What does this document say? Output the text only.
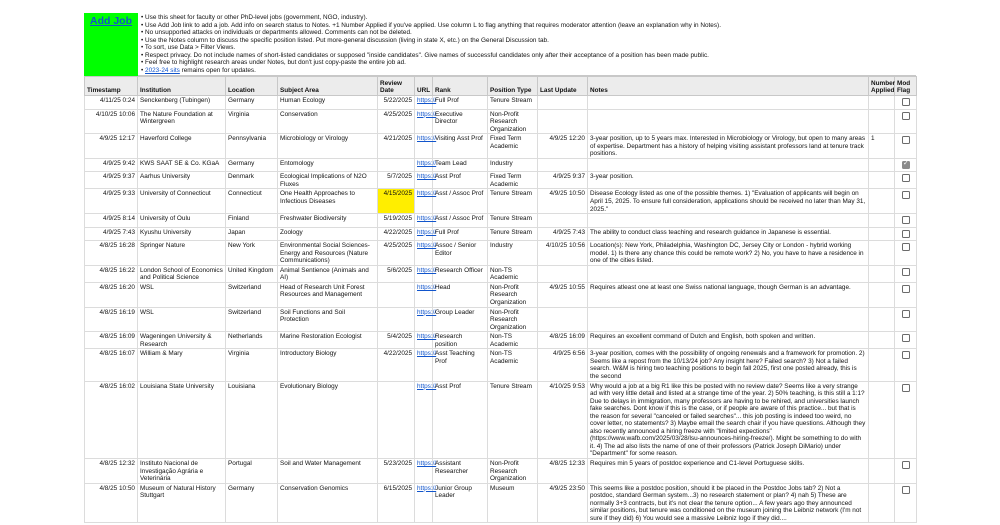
Add Job	• Use this sheet for faculty or other PhD-level jobs (government, NGO, industry).
• Use Add Job link to add a job. Add info on search status to Notes. +1 Number Applied if you've applied. Use column L to flag anything that requires moderator attention (leave an explanation why in Notes).
• No unsupported attacks on individuals or departments allowed. Comments can not be deleted.
• Use the Notes column to discuss the specific position listed. Put more-general discussion (living in state X, etc.) on the General Discussion tab.
• To sort, use Data > Filter Views.
• Respect privacy. Do not include names of short-listed candidates or supposed "inside candidates". Give names of successful candidates only after their acceptance of a position has been made public.
• Feel free to highlight research areas under Notes, but don't just copy-paste the entire job ad.
• 2023-24 sits remains open for updates.
Timestamp	Institution	Location	Subject Area	Review Date	URL	Rank	Position Type	Last Update	Notes	Number Applied	Mod Flag
4/11/25 0:24	Senckenberg (Tubingen)	Germany	Human Ecology	5/22/2025	https://	Full Prof	Tenure Stream				
4/10/25 10:06	The Nature Foundation at Wintergreen	Virginia	Conservation	4/25/2025	https://	Executive Director	Non-Profit Research Organization				
4/9/25 12:17	Haverford College	Pennsylvania	Microbiology or Virology	4/21/2025	https://	Visiting Asst Prof	Fixed Term Academic	4/9/25 12:20	3-year position, up to 5 years max. Interested in Microbiology or Virology, but open to many areas of expertise. Department has a history of helping visiting assistant professors land at tenure track positions.	1	
4/9/25 9:42	KWS SAAT SE & Co. KGaA	Germany	Entomology		https://	Team Lead	Industry				✓
4/9/25 9:37	Aarhus University	Denmark	Ecological Implications of N2O Fluxes	5/7/2025	https://	Asst Prof	Fixed Term Academic	4/9/25 9:37	3-year position.		
4/9/25 9:33	University of Connecticut	Connecticut	One Health Approaches to Infectious Diseases	4/15/2025	https://	Asst / Assoc Prof	Tenure Stream	4/9/25 10:50	Disease Ecology listed as one of the possible themes. 1) "Evaluation of applicants will begin on April 15, 2025. To ensure full consideration, applications should be received no later than May 31, 2025."		
4/9/25 8:14	University of Oulu	Finland	Freshwater Biodiversity	5/19/2025	https://	Asst / Assoc Prof	Tenure Stream				
4/9/25 7:43	Kyushu University	Japan	Zoology	4/22/2025	https://	Full Prof	Tenure Stream	4/9/25 7:43	The ability to conduct class teaching and research guidance in Japanese is essential.		
4/8/25 16:28	Springer Nature	New York	Environmental Social Sciences-Energy and Resources (Nature Communications)	4/25/2025	https://	Assoc / Senior Editor	Industry	4/10/25 10:56	Location(s): New York, Philadelphia, Washington DC, Jersey City or London - hybrid working model. 1) Is there any chance this could be remote work? 2) No, you have to have a residence in one of the cities listed.		
4/8/25 16:22	London School of Economics and Political Science	United Kingdom	Animal Sentience (Animals and AI)	5/6/2025	https://	Research Officer	Non-TS Academic				
4/8/25 16:20	WSL	Switzerland	Head of Research Unit Forest Resources and Management		https://	Head	Non-Profit Research Organization	4/9/25 10:55	Requires atleast one at least one Swiss national language, though German is an advantage.		
4/8/25 16:19	WSL	Switzerland	Soil Functions and Soil Protection		https://	Group Leader	Non-Profit Research Organization				
4/8/25 16:09	Wageningen University & Research	Netherlands	Marine Restoration Ecologist	5/4/2025	https://	Research position	Non-TS Academic	4/8/25 16:09	Requires an excellent command of Dutch and English, both spoken and written.		
4/8/25 16:07	William & Mary	Virginia	Introductory Biology	4/22/2025	https://	Asst Teaching Prof	Non-TS Academic	4/9/25 6:56	3-year position, comes with the possibility of ongoing renewals and a framework for promotion. 2) Seems like a repost from the 10/13/24 job? Any insight here? Failed search? 3) Not a failed search. W&M is hiring two teaching positions to begin fall 2025, first one posted already, this is the second		
4/8/25 16:02	Louisiana State University	Louisiana	Evolutionary Biology		https://	Asst Prof	Tenure Stream	4/10/25 9:53	Why would a job at a big R1 like this be posted with no review date? Seems like a very strange ad with very little detail and listed at a strange time of the year. 2) 50% teaching, is this still a 1:1? Due to delays in immigration, many professors are having to be rehired, and universities launch fake searches. Dont know if this is the case, or if people are aware of this practice... but that is the reason for several "canceled or failed searches"... this job posting is indeed too weird, no cover letter, no statements? 3) Maybe email the search chair if you have questions. Although they also recently announced a hiring freeze with "limited expections" (https://www.wafb.com/2025/03/28/lsu-announces-hiring-freeze/). Might be something to do with it. 4) The ad also lists the name of one of their professors (Patrick Joseph DiMario) under "Department" for some reason.		
4/8/25 12:32	Instituto Nacional de Investigação Agrária e Veterinária	Portugal	Soil and Water Management	5/23/2025	https://	Assistant Researcher	Non-Profit Research Organization	4/8/25 12:33	Requires min 5 years of postdoc experience and C1-level Portuguese skills.		
4/8/25 10:50	Museum of Natural History Stuttgart	Germany	Conservation Genomics	6/15/2025	https://	Junior Group Leader	Museum	4/9/25 23:50	This seems like a postdoc position, should it be placed in the Postdoc Jobs tab? 2) Not a postdoc, standard German system...3) no research statement or plan? 4) nah 5) These are normally 3+3 contracts, but it's not clear the tenure option... A few years ago they announced similar positions, but tenure was conditioned on the museum joining the Leibniz network (I'm not sure if they did) 6) You would see a massive Leibniz logo if they did....		
